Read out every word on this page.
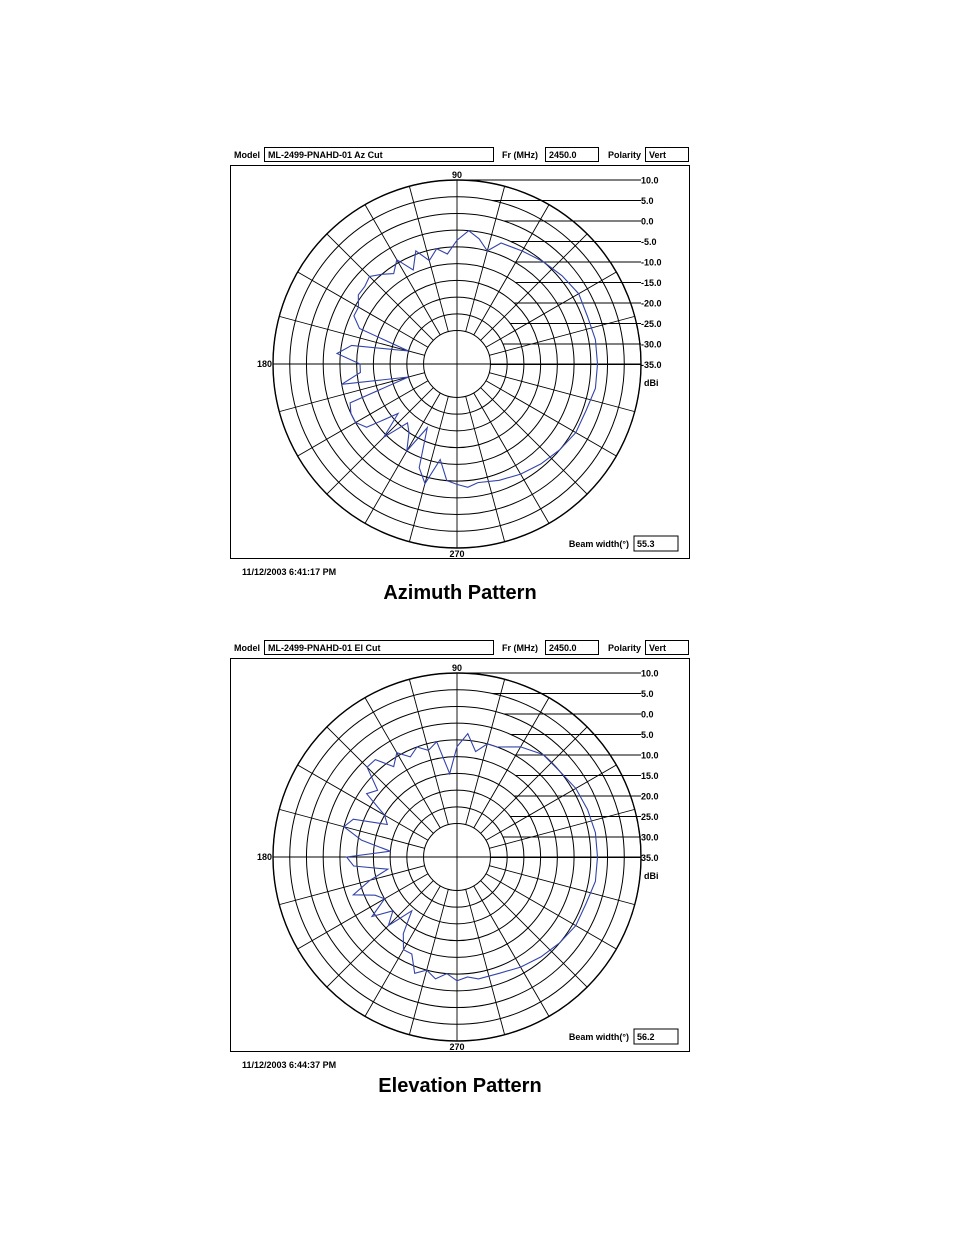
Model ML-2499-PNAHD-01 Az Cut	Fr (MHz)	2450.0	Polarity Vert
10.0
5.0
0.0
-5.0
-10.0
-15.0
-20.0
-25.0
-30.0
-35.0
dBi
90
270
180
Beam width(°) 55.3
11/12/2003 6:41:17 PM
Azimuth Pattern
Model ML-2499-PNAHD-01 El Cut	Fr (MHz)	2450.0	Polarity Vert
10.0
5.0
0.0
5.0
10.0
15.0
20.0
25.0
30.0
35.0
dBi
90
270
180
Beam width(°) 56.2
11/12/2003 6:44:37 PM
Elevation Pattern
